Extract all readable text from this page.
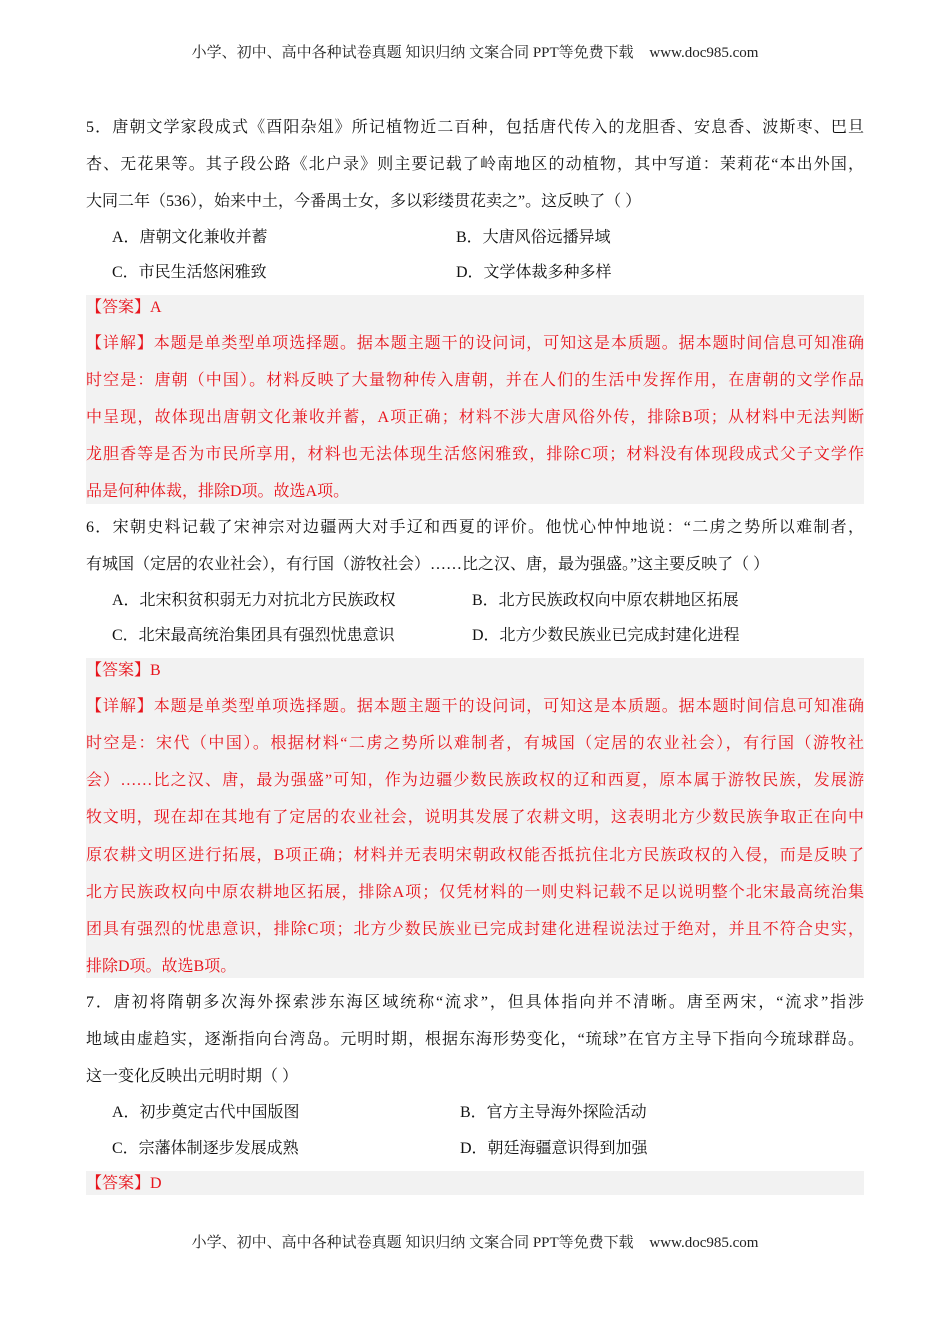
小学、初中、高中各种试卷真题 知识归纳 文案合同 PPT等免费下载 www.doc985.com
小学、初中、高中各种试卷真题 知识归纳 文案合同 PPT等免费下载 www.doc985.com
5．唐朝文学家段成式《酉阳杂俎》所记植物近二百种，包括唐代传入的龙胆香、安息香、波斯枣、巴旦
杏、无花果等。其子段公路《北户录》则主要记载了岭南地区的动植物，其中写道：茉莉花“本出外国，
大同二年（536），始来中土，今番禺士女，多以彩缕贯花卖之”。这反映了（ ）
A．唐朝文化兼收并蓄	B．大唐风俗远播异域
C．市民生活悠闲雅致	D．文学体裁多种多样
【答案】A
【详解】本题是单类型单项选择题。据本题主题干的设问词，可知这是本质题。据本题时间信息可知准确
时空是：唐朝（中国）。材料反映了大量物种传入唐朝，并在人们的生活中发挥作用，在唐朝的文学作品
中呈现，故体现出唐朝文化兼收并蓄，A项正确；材料不涉大唐风俗外传，排除B项；从材料中无法判断
龙胆香等是否为市民所享用，材料也无法体现生活悠闲雅致，排除C项；材料没有体现段成式父子文学作
品是何种体裁，排除D项。故选A项。
6．宋朝史料记载了宋神宗对边疆两大对手辽和西夏的评价。他忧心忡忡地说：“二虏之势所以难制者，
有城国（定居的农业社会），有行国（游牧社会）……比之汉、唐，最为强盛。”这主要反映了（ ）
A．北宋积贫积弱无力对抗北方民族政权	B．北方民族政权向中原农耕地区拓展
C．北宋最高统治集团具有强烈忧患意识	D．北方少数民族业已完成封建化进程
【答案】B
【详解】本题是单类型单项选择题。据本题主题干的设问词，可知这是本质题。据本题时间信息可知准确
时空是：宋代（中国）。根据材料“二虏之势所以难制者，有城国（定居的农业社会），有行国（游牧社
会）……比之汉、唐，最为强盛”可知，作为边疆少数民族政权的辽和西夏，原本属于游牧民族，发展游
牧文明，现在却在其地有了定居的农业社会，说明其发展了农耕文明，这表明北方少数民族争取正在向中
原农耕文明区进行拓展，B项正确；材料并无表明宋朝政权能否抵抗住北方民族政权的入侵，而是反映了
北方民族政权向中原农耕地区拓展，排除A项；仅凭材料的一则史料记载不足以说明整个北宋最高统治集
团具有强烈的忧患意识，排除C项；北方少数民族业已完成封建化进程说法过于绝对，并且不符合史实，
排除D项。故选B项。
7．唐初将隋朝多次海外探索涉东海区域统称“流求”，但具体指向并不清晰。唐至两宋，“流求”指涉
地域由虚趋实，逐渐指向台湾岛。元明时期，根据东海形势变化，“琉球”在官方主导下指向今琉球群岛。
这一变化反映出元明时期（ ）
A．初步奠定古代中国版图	B．官方主导海外探险活动
C．宗藩体制逐步发展成熟	D．朝廷海疆意识得到加强
【答案】D
